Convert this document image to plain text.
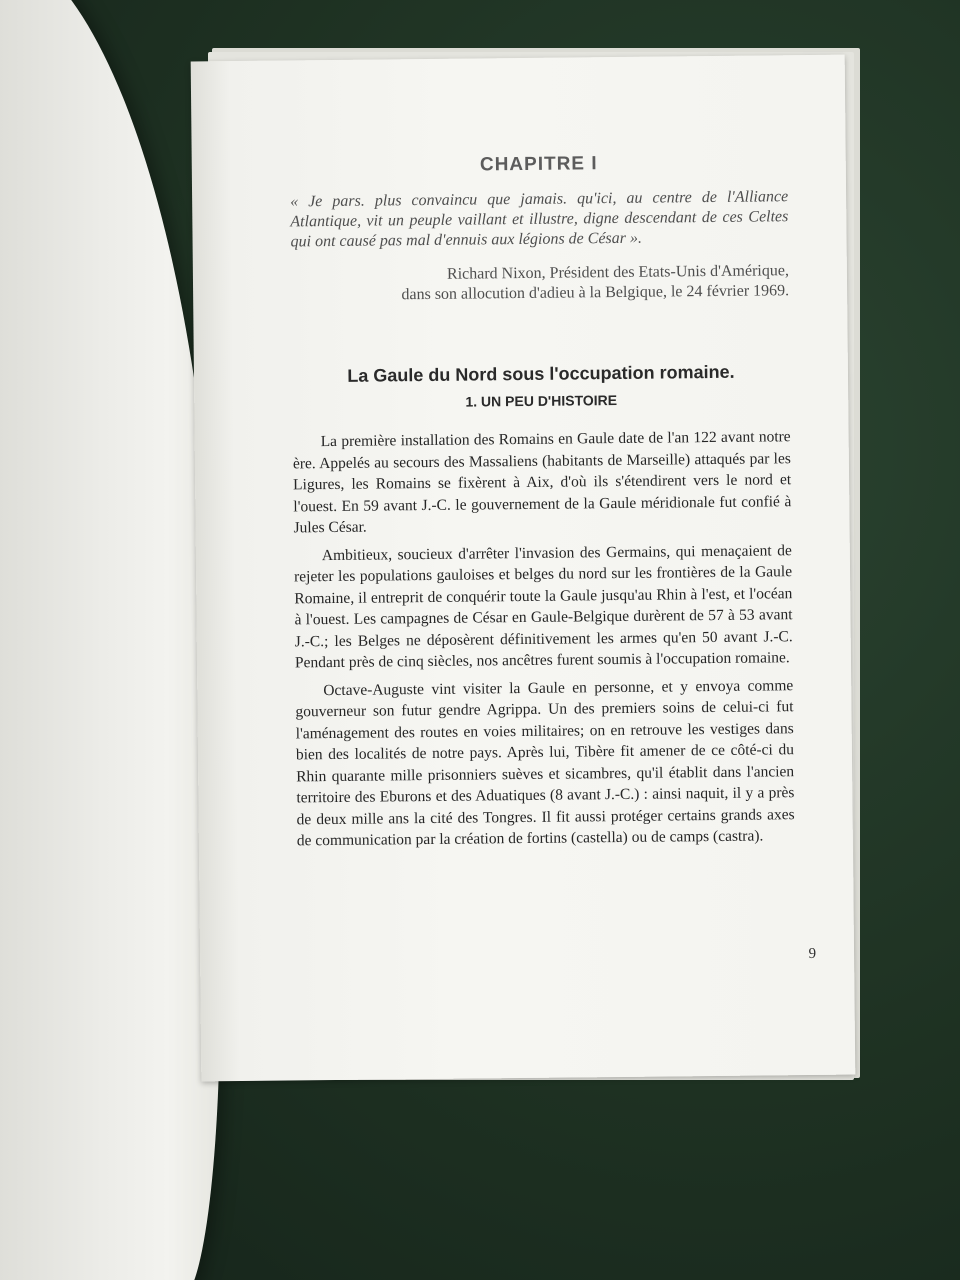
CHAPITRE I

« Je pars. plus convaincu que jamais. qu'ici, au centre de l'Alliance Atlantique, vit un peuple vaillant et illustre, digne descendant de ces Celtes qui ont causé pas mal d'ennuis aux légions de César ».

Richard Nixon, Président des Etats-Unis d'Amérique,
dans son allocution d'adieu à la Belgique, le 24 février 1969.
La Gaule du Nord sous l'occupation romaine.
1. UN PEU D'HISTOIRE

La première installation des Romains en Gaule date de l'an 122 avant notre ère. Appelés au secours des Massaliens (habitants de Marseille) attaqués par les Ligures, les Romains se fixèrent à Aix, d'où ils s'étendirent vers le nord et l'ouest. En 59 avant J.-C. le gouvernement de la Gaule méridionale fut confié à Jules César.

Ambitieux, soucieux d'arrêter l'invasion des Germains, qui menaçaient de rejeter les populations gauloises et belges du nord sur les frontières de la Gaule Romaine, il entreprit de conquérir toute la Gaule jusqu'au Rhin à l'est, et l'océan à l'ouest. Les campagnes de César en Gaule-Belgique durèrent de 57 à 53 avant J.-C.; les Belges ne déposèrent définitivement les armes qu'en 50 avant J.-C. Pendant près de cinq siècles, nos ancêtres furent soumis à l'occupation romaine.

Octave-Auguste vint visiter la Gaule en personne, et y envoya comme gouverneur son futur gendre Agrippa. Un des premiers soins de celui-ci fut l'aménagement des routes en voies militaires; on en retrouve les vestiges dans bien des localités de notre pays. Après lui, Tibère fit amener de ce côté-ci du Rhin quarante mille prisonniers suèves et sicambres, qu'il établit dans l'ancien territoire des Eburons et des Aduatiques (8 avant J.-C.) : ainsi naquit, il y a près de deux mille ans la cité des Tongres. Il fit aussi protéger certains grands axes de communication par la création de fortins (castella) ou de camps (castra).

9
